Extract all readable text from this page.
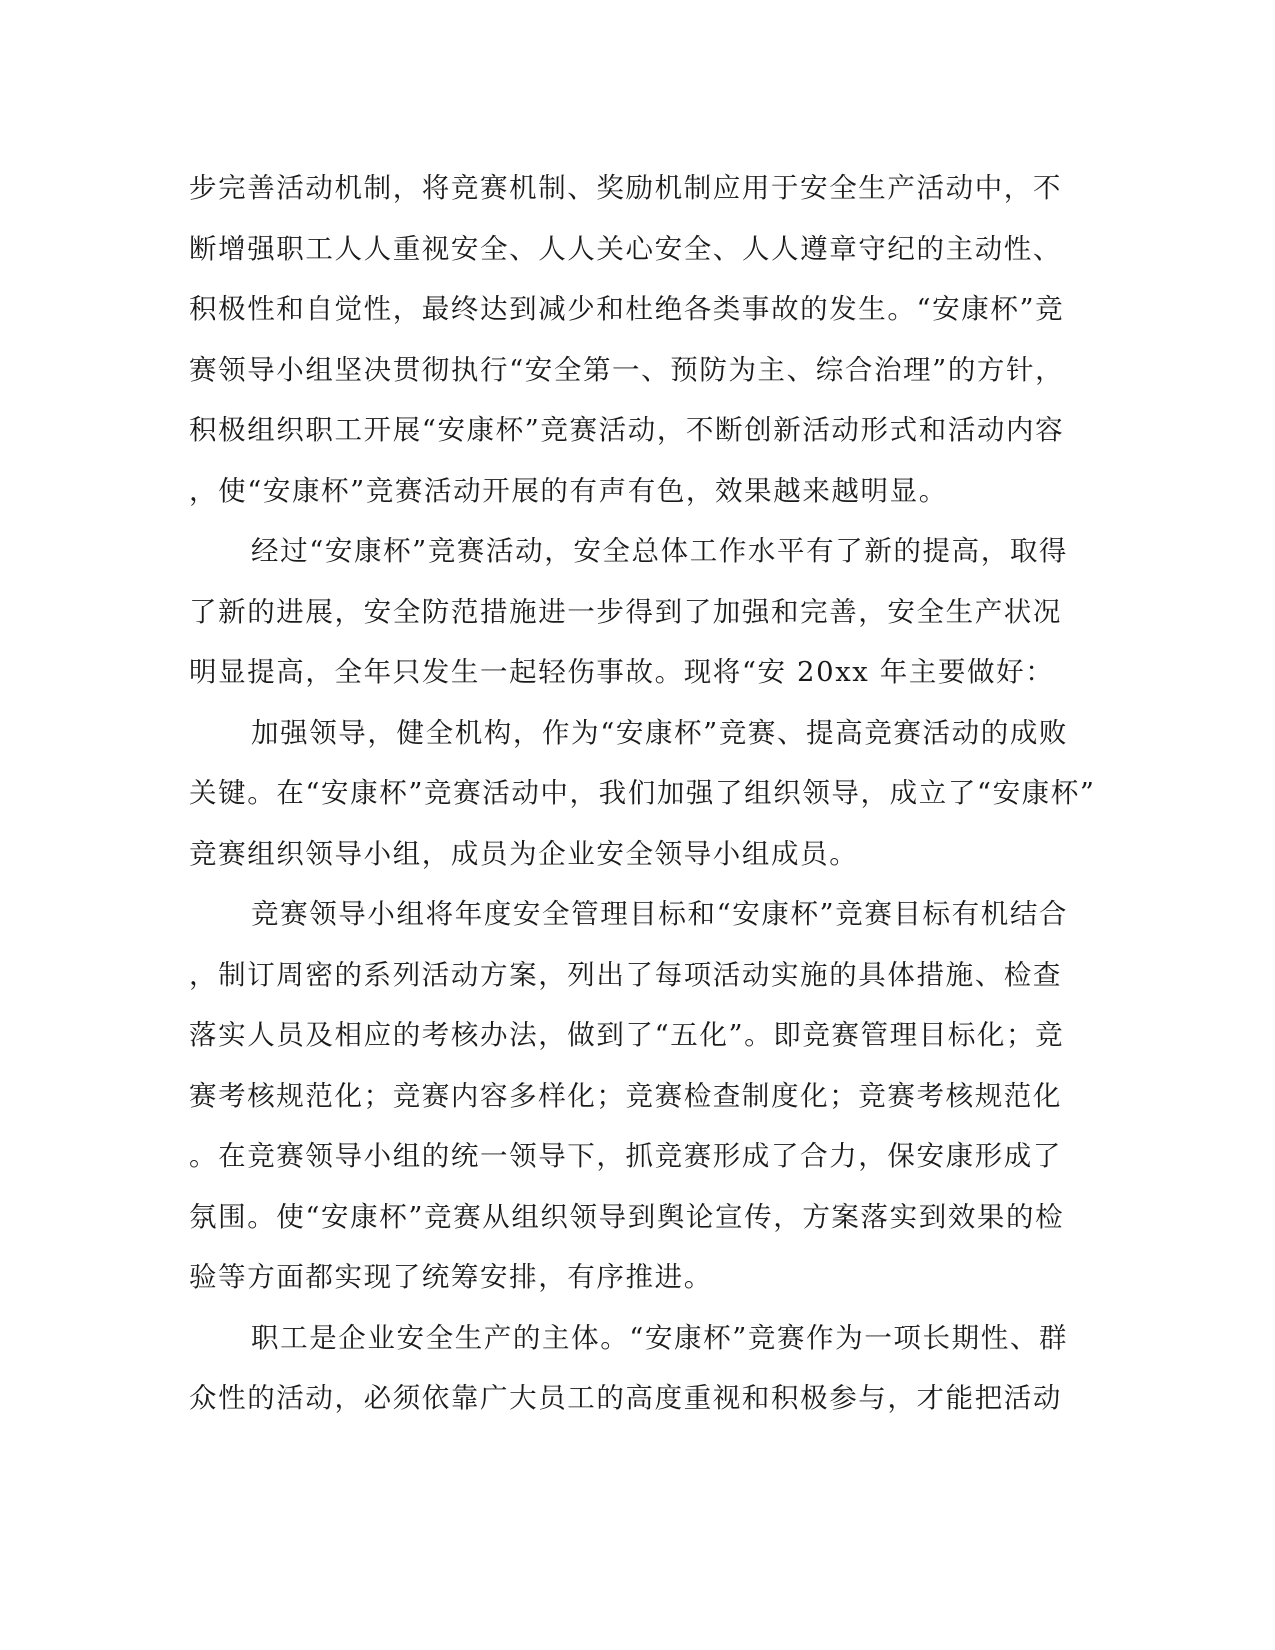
步完善活动机制，将竞赛机制、奖励机制应用于安全生产活动中，不
断增强职工人人重视安全、人人关心安全、人人遵章守纪的主动性、
积极性和自觉性，最终达到减少和杜绝各类事故的发生。“安康杯”竞
赛领导小组坚决贯彻执行“安全第一、预防为主、综合治理”的方针，
积极组织职工开展“安康杯”竞赛活动，不断创新活动形式和活动内容
，使“安康杯”竞赛活动开展的有声有色，效果越来越明显。
经过“安康杯”竞赛活动，安全总体工作水平有了新的提高，取得
了新的进展，安全防范措施进一步得到了加强和完善，安全生产状况
明显提高，全年只发生一起轻伤事故。现将“安 20xx 年主要做好：
加强领导，健全机构，作为“安康杯”竞赛、提高竞赛活动的成败
关键。在“安康杯”竞赛活动中，我们加强了组织领导，成立了“安康杯”
竞赛组织领导小组，成员为企业安全领导小组成员。
竞赛领导小组将年度安全管理目标和“安康杯”竞赛目标有机结合
，制订周密的系列活动方案，列出了每项活动实施的具体措施、检查
落实人员及相应的考核办法，做到了“五化”。即竞赛管理目标化；竞
赛考核规范化；竞赛内容多样化；竞赛检查制度化；竞赛考核规范化
。在竞赛领导小组的统一领导下，抓竞赛形成了合力，保安康形成了
氛围。使“安康杯”竞赛从组织领导到舆论宣传，方案落实到效果的检
验等方面都实现了统筹安排，有序推进。
职工是企业安全生产的主体。“安康杯”竞赛作为一项长期性、群
众性的活动，必须依靠广大员工的高度重视和积极参与，才能把活动
